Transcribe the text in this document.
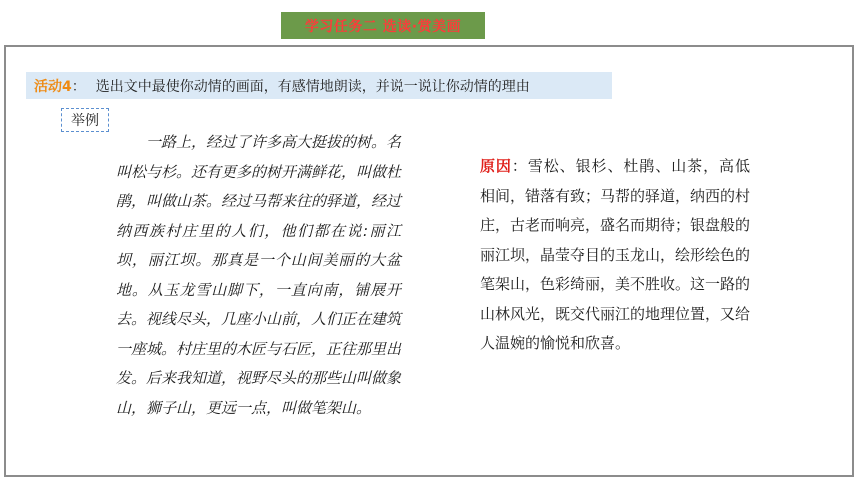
学习任务二 选读·赏美画
活动4 ： 选出文中最使你动情的画面，有感情地朗读，并说一说让你动情的理由
举例

一路上，经过了许多高大挺拔的树。名叫松与杉。还有更多的树开满鲜花，叫做杜鹃，叫做山茶。经过马帮来往的驿道，经过纳西族村庄里的人们，他们都在说:丽江坝，丽江坝。那真是一个山间美丽的大盆地。从玉龙雪山脚下，一直向南，铺展开去。视线尽头，几座小山前，人们正在建筑一座城。村庄里的木匠与石匠，正往那里出发。后来我知道，视野尽头的那些山叫做象山，狮子山，更远一点，叫做笔架山。

原因：雪松、银杉、杜鹃、山茶，高低相间，错落有致；马帮的驿道，纳西的村庄，古老而响亮，盛名而期待；银盘般的丽江坝，晶莹夺目的玉龙山，绘形绘色的笔架山，色彩绮丽，美不胜收。这一路的山林风光，既交代丽江的地理位置，又给人温婉的愉悦和欣喜。
